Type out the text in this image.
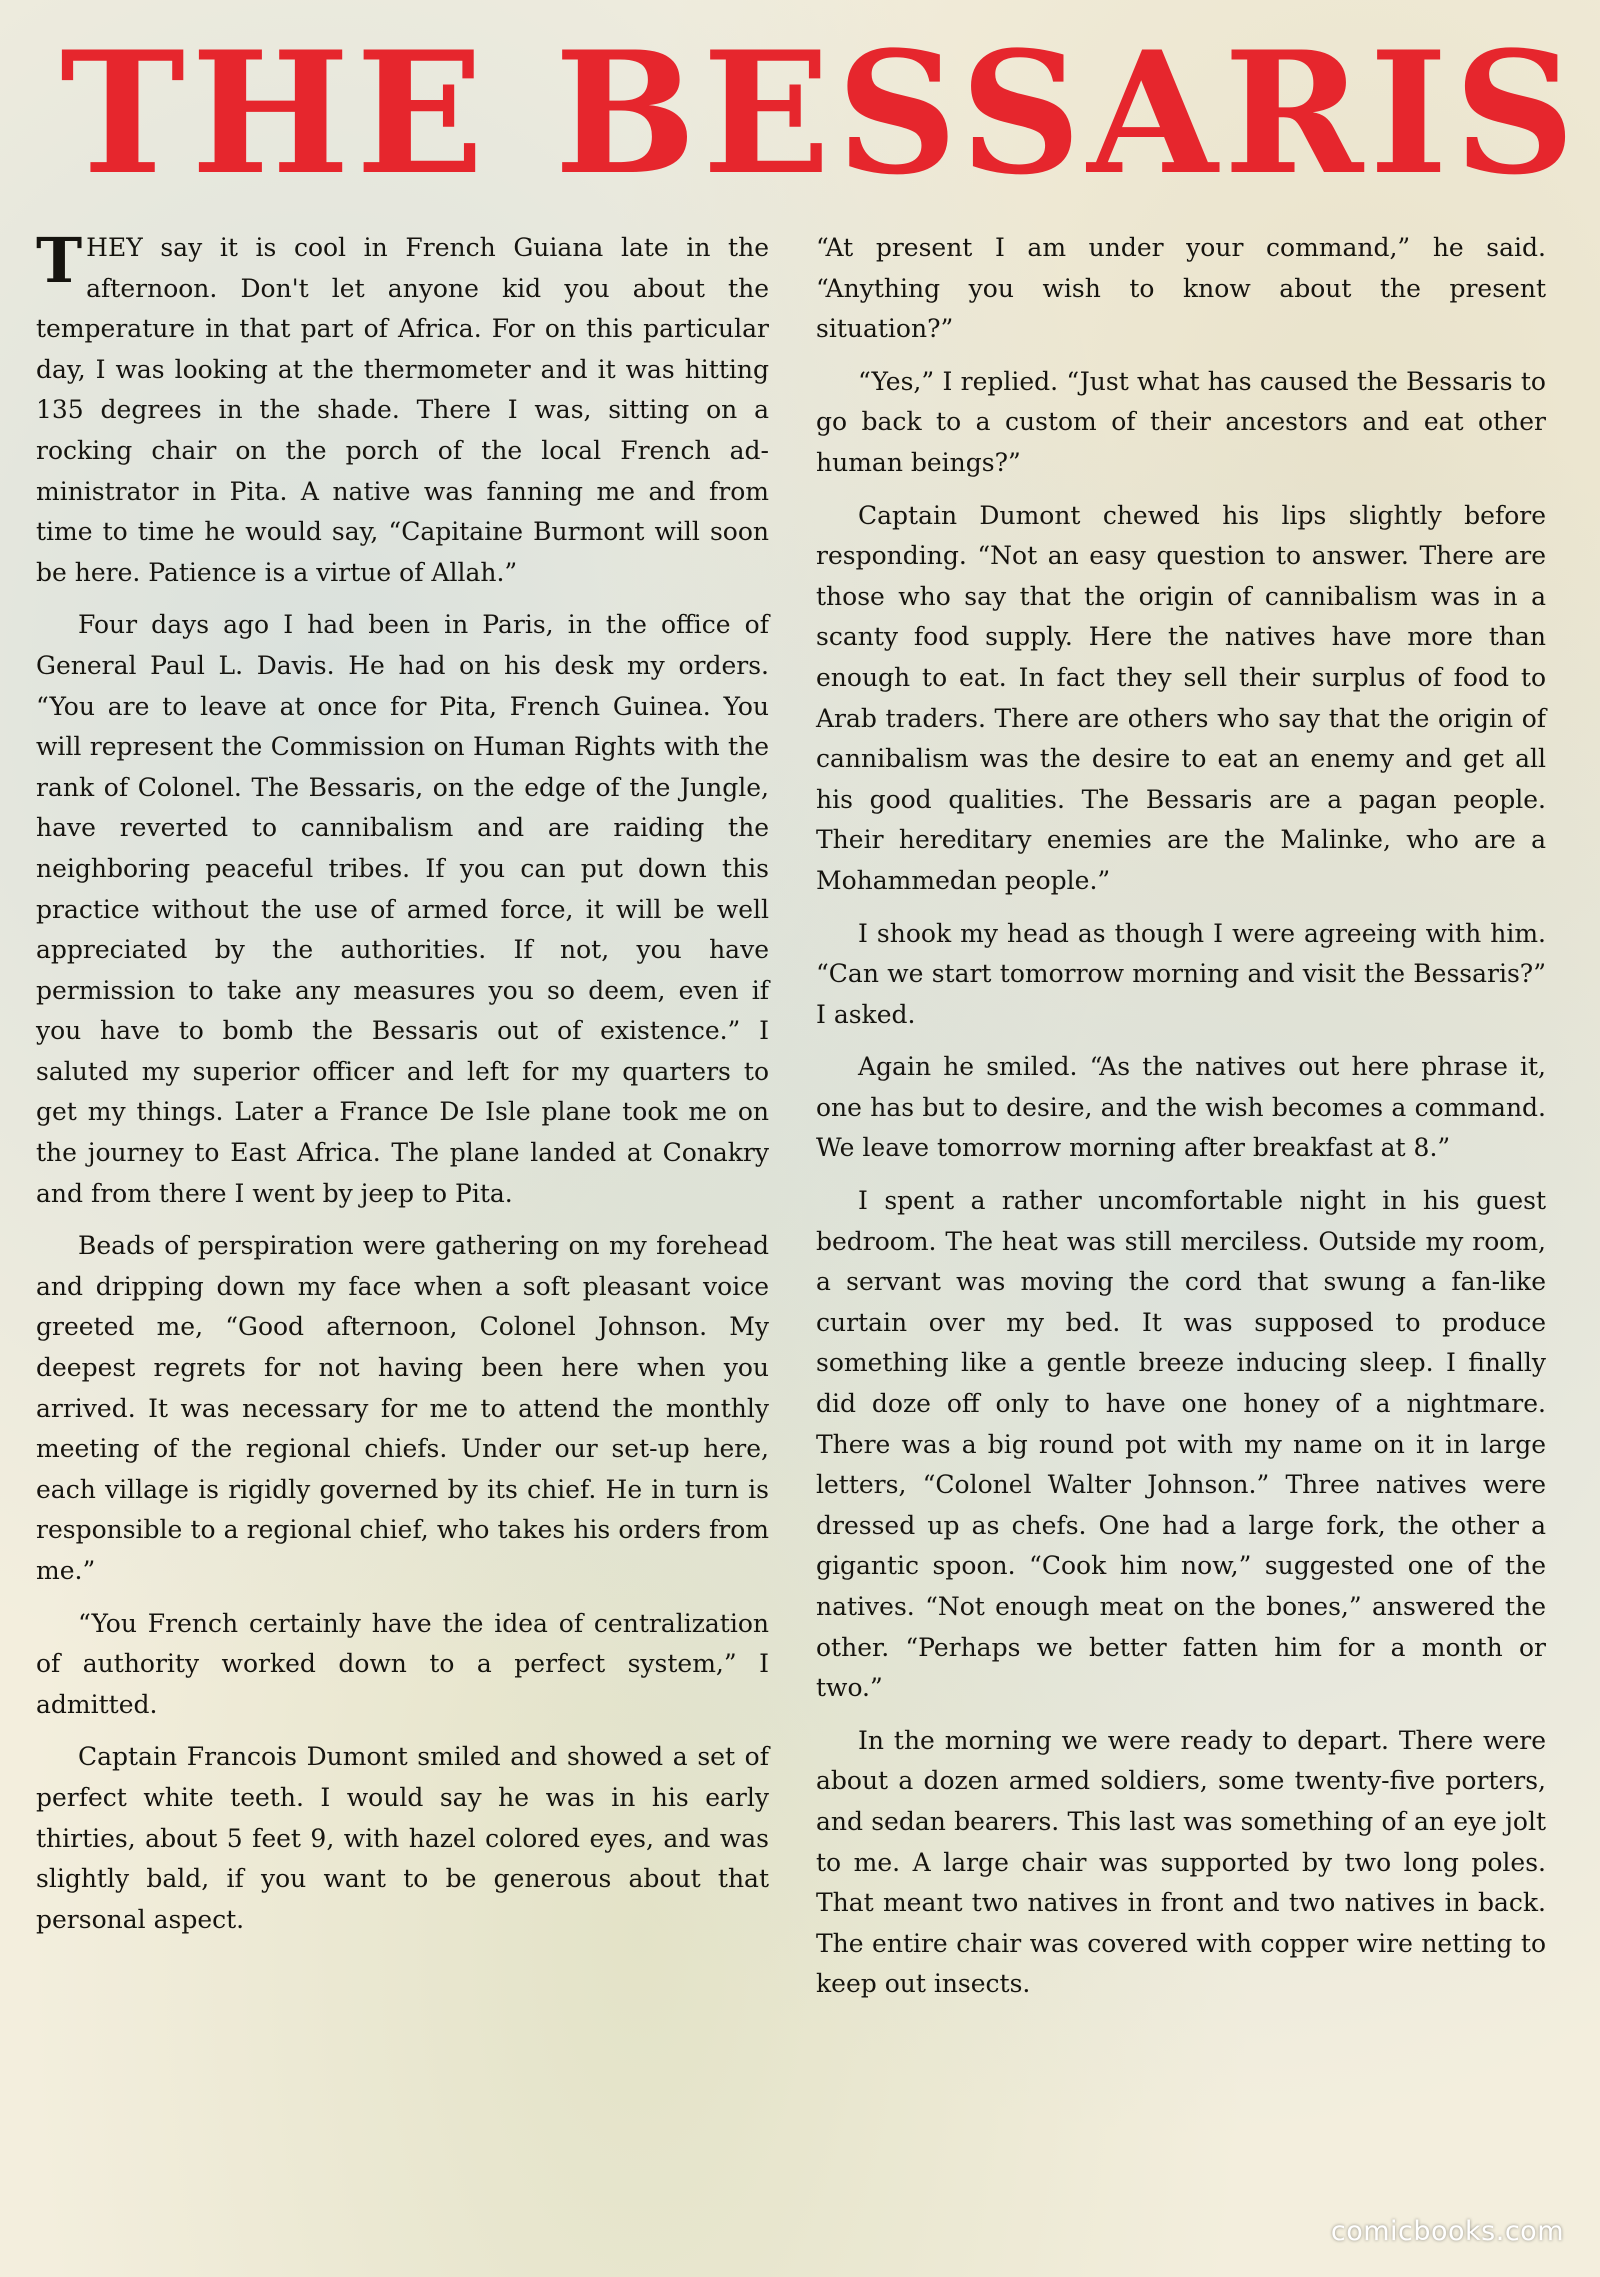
THE BESSARIS

THEY say it is cool in French Guiana late in the afternoon. Don't let anyone kid you about the temperature in that part of Africa. For on this particular day, I was looking at the thermometer and it was hitting 135 degrees in the shade. There I was, sitting on a rocking chair on the porch of the local French administrator in Pita. A native was fanning me and from time to time he would say, “Capitaine Burmont will soon be here. Patience is a virtue of Allah.”

Four days ago I had been in Paris, in the office of General Paul L. Davis. He had on his desk my orders. “You are to leave at once for Pita, French Guinea. You will represent the Commission on Human Rights with the rank of Colonel. The Bessaris, on the edge of the Jungle, have reverted to cannibalism and are raiding the neighboring peaceful tribes. If you can put down this practice without the use of armed force, it will be well appreciated by the authorities. If not, you have permission to take any measures you so deem, even if you have to bomb the Bessaris out of existence.” I saluted my superior officer and left for my quarters to get my things. Later a France De Isle plane took me on the journey to East Africa. The plane landed at Conakry and from there I went by jeep to Pita.

Beads of perspiration were gathering on my forehead and dripping down my face when a soft pleasant voice greeted me, “Good afternoon, Colonel Johnson. My deepest regrets for not having been here when you arrived. It was necessary for me to attend the monthly meeting of the regional chiefs. Under our set-up here, each village is rigidly governed by its chief. He in turn is responsible to a regional chief, who takes his orders from me.”

“You French certainly have the idea of centralization of authority worked down to a perfect system,” I admitted.

Captain Francois Dumont smiled and showed a set of perfect white teeth. I would say he was in his early thirties, about 5 feet 9, with hazel colored eyes, and was slightly bald, if you want to be generous about that personal aspect.

“At present I am under your command,” he said. “Anything you wish to know about the present situation?”

“Yes,” I replied. “Just what has caused the Bessaris to go back to a custom of their ancestors and eat other human beings?”

Captain Dumont chewed his lips slightly before responding. “Not an easy question to answer. There are those who say that the origin of cannibalism was in a scanty food supply. Here the natives have more than enough to eat. In fact they sell their surplus of food to Arab traders. There are others who say that the origin of cannibalism was the desire to eat an enemy and get all his good qualities. The Bessaris are a pagan people. Their hereditary enemies are the Malinke, who are a Mohammedan people.”

I shook my head as though I were agreeing with him. “Can we start tomorrow morning and visit the Bessaris?” I asked.

Again he smiled. “As the natives out here phrase it, one has but to desire, and the wish becomes a command. We leave tomorrow morning after breakfast at 8.”

I spent a rather uncomfortable night in his guest bedroom. The heat was still merciless. Outside my room, a servant was moving the cord that swung a fan-like curtain over my bed. It was supposed to produce something like a gentle breeze inducing sleep. I finally did doze off only to have one honey of a nightmare. There was a big round pot with my name on it in large letters, “Colonel Walter Johnson.” Three natives were dressed up as chefs. One had a large fork, the other a gigantic spoon. “Cook him now,” suggested one of the natives. “Not enough meat on the bones,” answered the other. “Perhaps we better fatten him for a month or two.”

In the morning we were ready to depart. There were about a dozen armed soldiers, some twenty-five porters, and sedan bearers. This last was something of an eye jolt to me. A large chair was supported by two long poles. That meant two natives in front and two natives in back. The entire chair was covered with copper wire netting to keep out insects.

comicbooks.com
